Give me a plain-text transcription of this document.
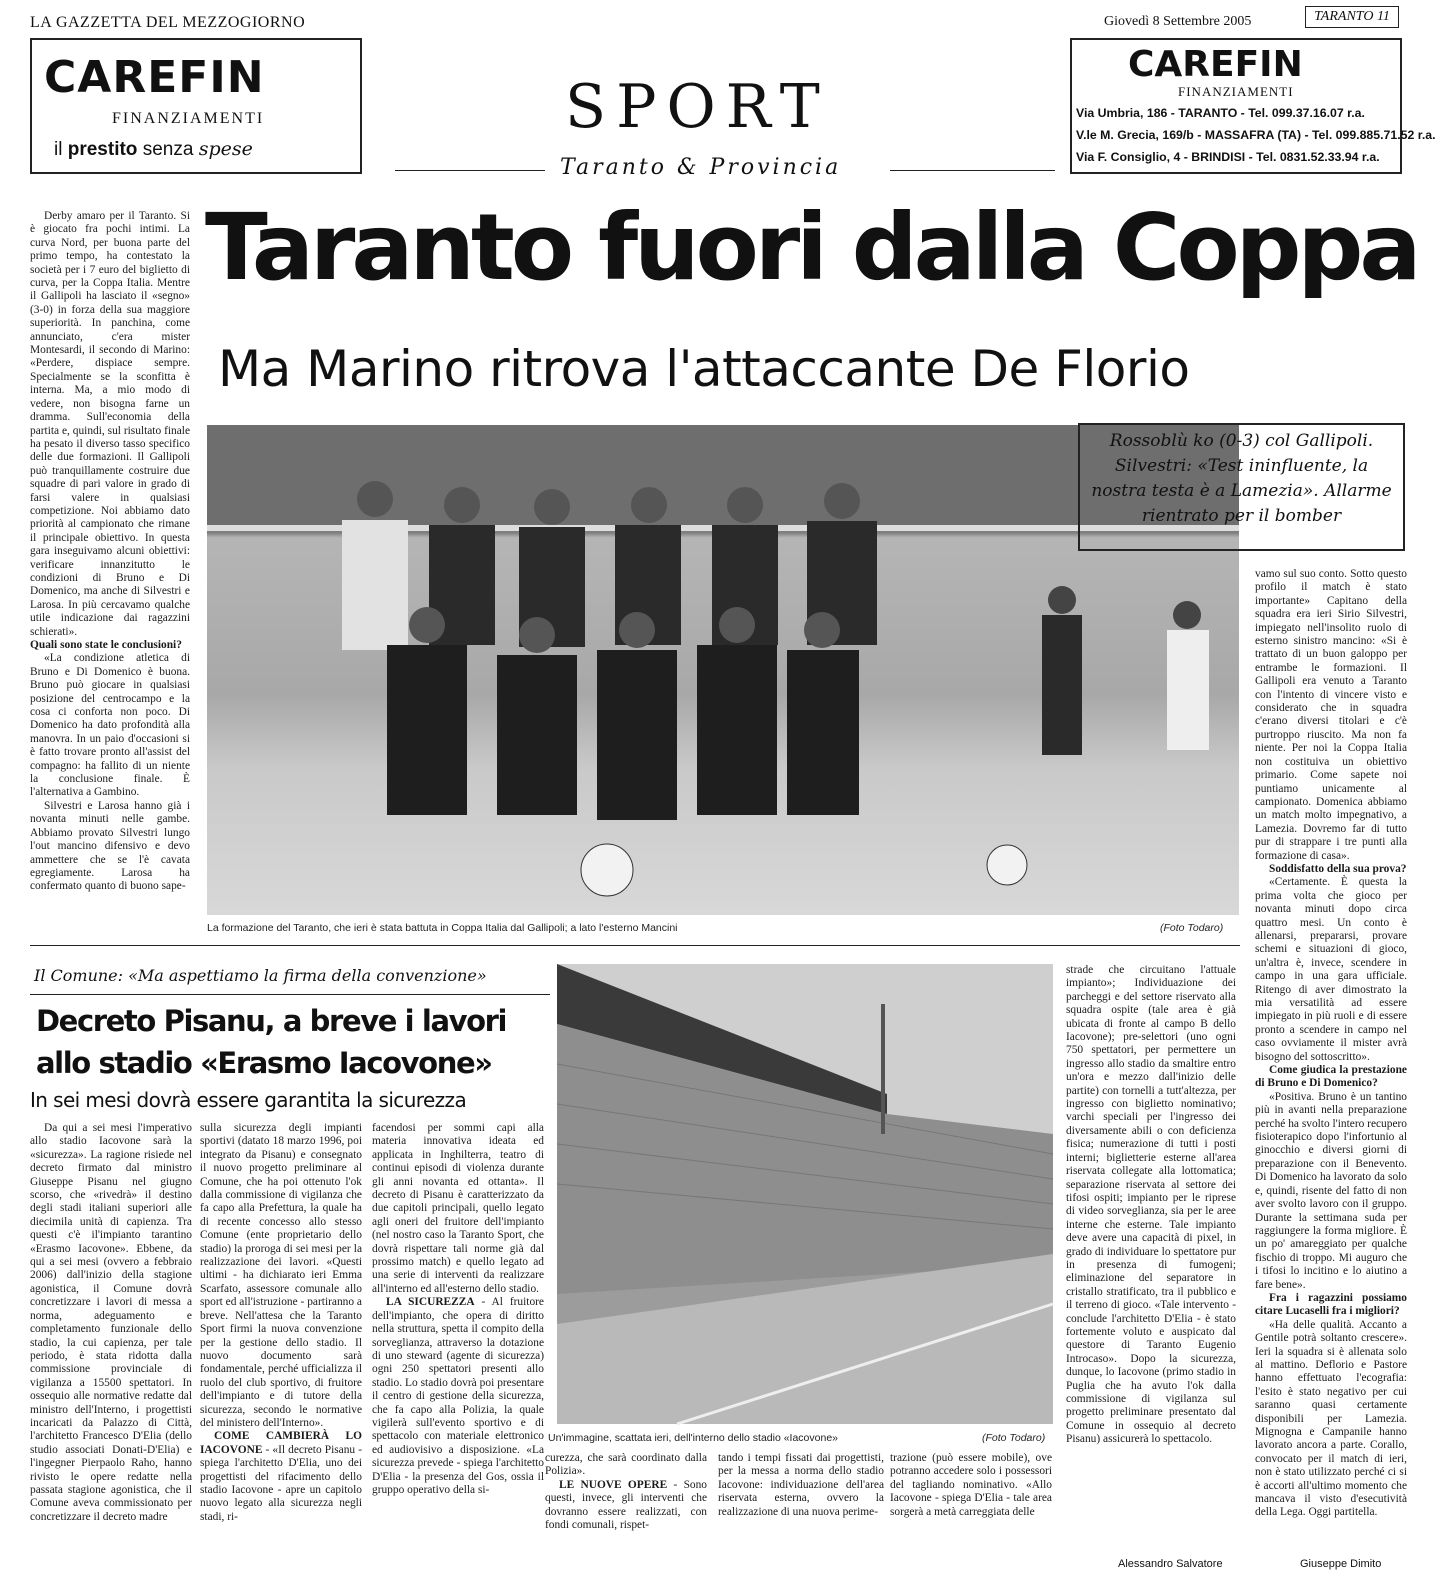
LA GAZZETTA DEL MEZZOGIORNO	Giovedì 8 Settembre 2005	TARANTO 11
CAREFIN
FINANZIAMENTI
il prestito senza spese
SPORT
Taranto & Provincia
CAREFIN
FINANZIAMENTI
Via Umbria, 186 - TARANTO - Tel. 099.37.16.07 r.a.
V.le M. Grecia, 169/b - MASSAFRA (TA) - Tel. 099.885.71.52 r.a.
Via F. Consiglio, 4 - BRINDISI - Tel. 0831.52.33.94 r.a.
Taranto fuori dalla Coppa
Ma Marino ritrova l'attaccante De Florio

Derby amaro per il Taranto. Si è giocato fra pochi intimi. La curva Nord, per buona parte del primo tempo, ha contestato la società per i 7 euro del biglietto di curva, per la Coppa Italia. Mentre il Gallipoli ha lasciato il «segno» (3-0) in forza della sua maggiore superiorità. In panchina, come annunciato, c'era mister Montesardi, il secondo di Marino: «Perdere, dispiace sempre. Specialmente se la sconfitta è interna. Ma, a mio modo di vedere, non bisogna farne un dramma. Sull'economia della partita e, quindi, sul risultato finale ha pesato il diverso tasso specifico delle due formazioni. Il Gallipoli può tranquillamente costruire due squadre di pari valore in grado di farsi valere in qualsiasi competizione. Noi abbiamo dato priorità al campionato che rimane il principale obiettivo. In questa gara inseguivamo alcuni obiettivi: verificare innanzitutto le condizioni di Bruno e Di Domenico, ma anche di Silvestri e Larosa. In più cercavamo qualche utile indicazione dai ragazzini schierati».

Quali sono state le conclusioni?

«La condizione atletica di Bruno e Di Domenico è buona. Bruno può giocare in qualsiasi posizione del centrocampo e la cosa ci conforta non poco. Di Domenico ha dato profondità alla manovra. In un paio d'occasioni si è fatto trovare pronto all'assist del compagno: ha fallito di un niente la conclusione finale. È l'alternativa a Gambino.

Silvestri e Larosa hanno già i novanta minuti nelle gambe. Abbiamo provato Silvestri lungo l'out mancino difensivo e devo ammettere che se l'è cavata egregiamente. Larosa ha confermato quanto di buono sape-

La formazione del Taranto, che ieri è stata battuta in Coppa Italia dal Gallipoli; a lato l'esterno Mancini	(Foto Todaro)
Rossoblù ko (0-3) col Gallipoli. Silvestri: «Test ininfluente, la nostra testa è a Lamezia». Allarme rientrato per il bomber

vamo sul suo conto. Sotto questo profilo il match è stato importante» Capitano della squadra era ieri Sirio Silvestri, impiegato nell'insolito ruolo di esterno sinistro mancino: «Si è trattato di un buon galoppo per entrambe le formazioni. Il Gallipoli era venuto a Taranto con l'intento di vincere visto e considerato che in squadra c'erano diversi titolari e c'è purtroppo riuscito. Ma non fa niente. Per noi la Coppa Italia non costituiva un obiettivo primario. Come sapete noi puntiamo unicamente al campionato. Domenica abbiamo un match molto impegnativo, a Lamezia. Dovremo far di tutto pur di strappare i tre punti alla formazione di casa».

Soddisfatto della sua prova?

«Certamente. È questa la prima volta che gioco per novanta minuti dopo circa quattro mesi. Un conto è allenarsi, prepararsi, provare schemi e situazioni di gioco, un'altra è, invece, scendere in campo in una gara ufficiale. Ritengo di aver dimostrato la mia versatilità ad essere impiegato in più ruoli e di essere pronto a scendere in campo nel caso ovviamente il mister avrà bisogno del sottoscritto».

Come giudica la prestazione di Bruno e Di Domenico?

«Positiva. Bruno è un tantino più in avanti nella preparazione perché ha svolto l'intero recupero fisioterapico dopo l'infortunio al ginocchio e diversi giorni di preparazione con il Benevento. Di Domenico ha lavorato da solo e, quindi, risente del fatto di non aver svolto lavoro con il gruppo. Durante la settimana suda per raggiungere la forma migliore. È un po' amareggiato per qualche fischio di troppo. Mi auguro che i tifosi lo incitino e lo aiutino a fare bene».

Fra i ragazzini possiamo citare Lucaselli fra i migliori?

«Ha delle qualità. Accanto a Gentile potrà soltanto crescere». Ieri la squadra si è allenata solo al mattino. Deflorio e Pastore hanno effettuato l'ecografia: l'esito è stato negativo per cui saranno quasi certamente disponibili per Lamezia. Mignogna e Campanile hanno lavorato ancora a parte. Corallo, convocato per il match di ieri, non è stato utilizzato perché ci si è accorti all'ultimo momento che mancava il visto d'esecutività della Lega. Oggi partitella.

Giuseppe Dimito
Il Comune: «Ma aspettiamo la firma della convenzione»
Decreto Pisanu, a breve i lavori
allo stadio «Erasmo Iacovone»
In sei mesi dovrà essere garantita la sicurezza

Da qui a sei mesi l'imperativo allo stadio Iacovone sarà la «sicurezza». La ragione risiede nel decreto firmato dal ministro Giuseppe Pisanu nel giugno scorso, che «rivedrà» il destino degli stadi italiani superiori alle diecimila unità di capienza. Tra questi c'è il'impianto tarantino «Erasmo Iacovone». Ebbene, da qui a sei mesi (ovvero a febbraio 2006) dall'inizio della stagione agonistica, il Comune dovrà concretizzare i lavori di messa a norma, adeguamento e completamento funzionale dello stadio, la cui capienza, per tale periodo, è stata ridotta dalla commissione provinciale di vigilanza a 15500 spettatori. In ossequio alle normative redatte dal ministro dell'Interno, i progettisti incaricati da Palazzo di Città, l'architetto Francesco D'Elia (dello studio associati Donati-D'Elia) e l'ingegner Pierpaolo Raho, hanno rivisto le opere redatte nella passata stagione agonistica, che il Comune aveva commissionato per concretizzare il decreto madre

sulla sicurezza degli impianti sportivi (datato 18 marzo 1996, poi integrato da Pisanu) e consegnato il nuovo progetto preliminare al Comune, che ha poi ottenuto l'ok dalla commissione di vigilanza che fa capo alla Prefettura, la quale ha di recente concesso allo stesso Comune (ente proprietario dello stadio) la proroga di sei mesi per la realizzazione dei lavori. «Questi ultimi - ha dichiarato ieri Emma Scarfato, assessore comunale allo sport ed all'istruzione - partiranno a breve. Nell'attesa che la Taranto Sport firmi la nuova convenzione per la gestione dello stadio. Il nuovo documento sarà fondamentale, perché ufficializza il ruolo del club sportivo, di fruitore dell'impianto e di tutore della sicurezza, secondo le normative del ministero dell'Interno».

COME CAMBIERÀ LO IACOVONE - «Il decreto Pisanu - spiega l'architetto D'Elia, uno dei progettisti del rifacimento dello stadio Iacovone - apre un capitolo nuovo legato alla sicurezza negli stadi, ri-

facendosi per sommi capi alla materia innovativa ideata ed applicata in Inghilterra, teatro di continui episodi di violenza durante gli anni novanta ed ottanta». Il decreto di Pisanu è caratterizzato da due capitoli principali, quello legato agli oneri del fruitore dell'impianto (nel nostro caso la Taranto Sport, che dovrà rispettare tali norme già dal prossimo match) e quello legato ad una serie di interventi da realizzare all'interno ed all'esterno dello stadio.

LA SICUREZZA - Al fruitore dell'impianto, che opera di diritto nella struttura, spetta il compito della sorveglianza, attraverso la dotazione di uno steward (agente di sicurezza) ogni 250 spettatori presenti allo stadio. Lo stadio dovrà poi presentare il centro di gestione della sicurezza, che fa capo alla Polizia, la quale vigilerà sull'evento sportivo e di spettacolo con materiale elettronico ed audiovisivo a disposizione. «La sicurezza prevede - spiega l'architetto D'Elia - la presenza del Gos, ossia il gruppo operativo della si-

Un'immagine, scattata ieri, dell'interno dello stadio «Iacovone»	(Foto Todaro)

curezza, che sarà coordinato dalla Polizia».

LE NUOVE OPERE - Sono questi, invece, gli interventi che dovranno essere realizzati, con fondi comunali, rispet-

tando i tempi fissati dai progettisti, per la messa a norma dello stadio Iacovone: individuazione dell'area riservata esterna, ovvero la realizzazione di una nuova perime-

trazione (può essere mobile), ove potranno accedere solo i possessori del tagliando nominativo. «Allo Iacovone - spiega D'Elia - tale area sorgerà a metà carreggiata delle

strade che circuitano l'attuale impianto»; Individuazione dei parcheggi e del settore riservato alla squadra ospite (tale area è già ubicata di fronte al campo B dello Iacovone); pre-selettori (uno ogni 750 spettatori, per permettere un ingresso allo stadio da smaltire entro un'ora e mezzo dall'inizio delle partite) con tornelli a tutt'altezza, per ingresso con biglietto nominativo; varchi speciali per l'ingresso dei diversamente abili o con deficienza fisica; numerazione di tutti i posti interni; biglietterie esterne all'area riservata collegate alla lottomatica; separazione riservata al settore dei tifosi ospiti; impianto per le riprese di video sorveglianza, sia per le aree interne che esterne. Tale impianto deve avere una capacità di pixel, in grado di individuare lo spettatore pur in presenza di fumogeni; eliminazione del separatore in cristallo stratificato, tra il pubblico e il terreno di gioco. «Tale intervento - conclude l'architetto D'Elia - è stato fortemente voluto e auspicato dal questore di Taranto Eugenio Introcaso». Dopo la sicurezza, dunque, lo Iacovone (primo stadio in Puglia che ha avuto l'ok dalla commissione di vigilanza sul progetto preliminare presentato dal Comune in ossequio al decreto Pisanu) assicurerà lo spettacolo.

Alessandro Salvatore
